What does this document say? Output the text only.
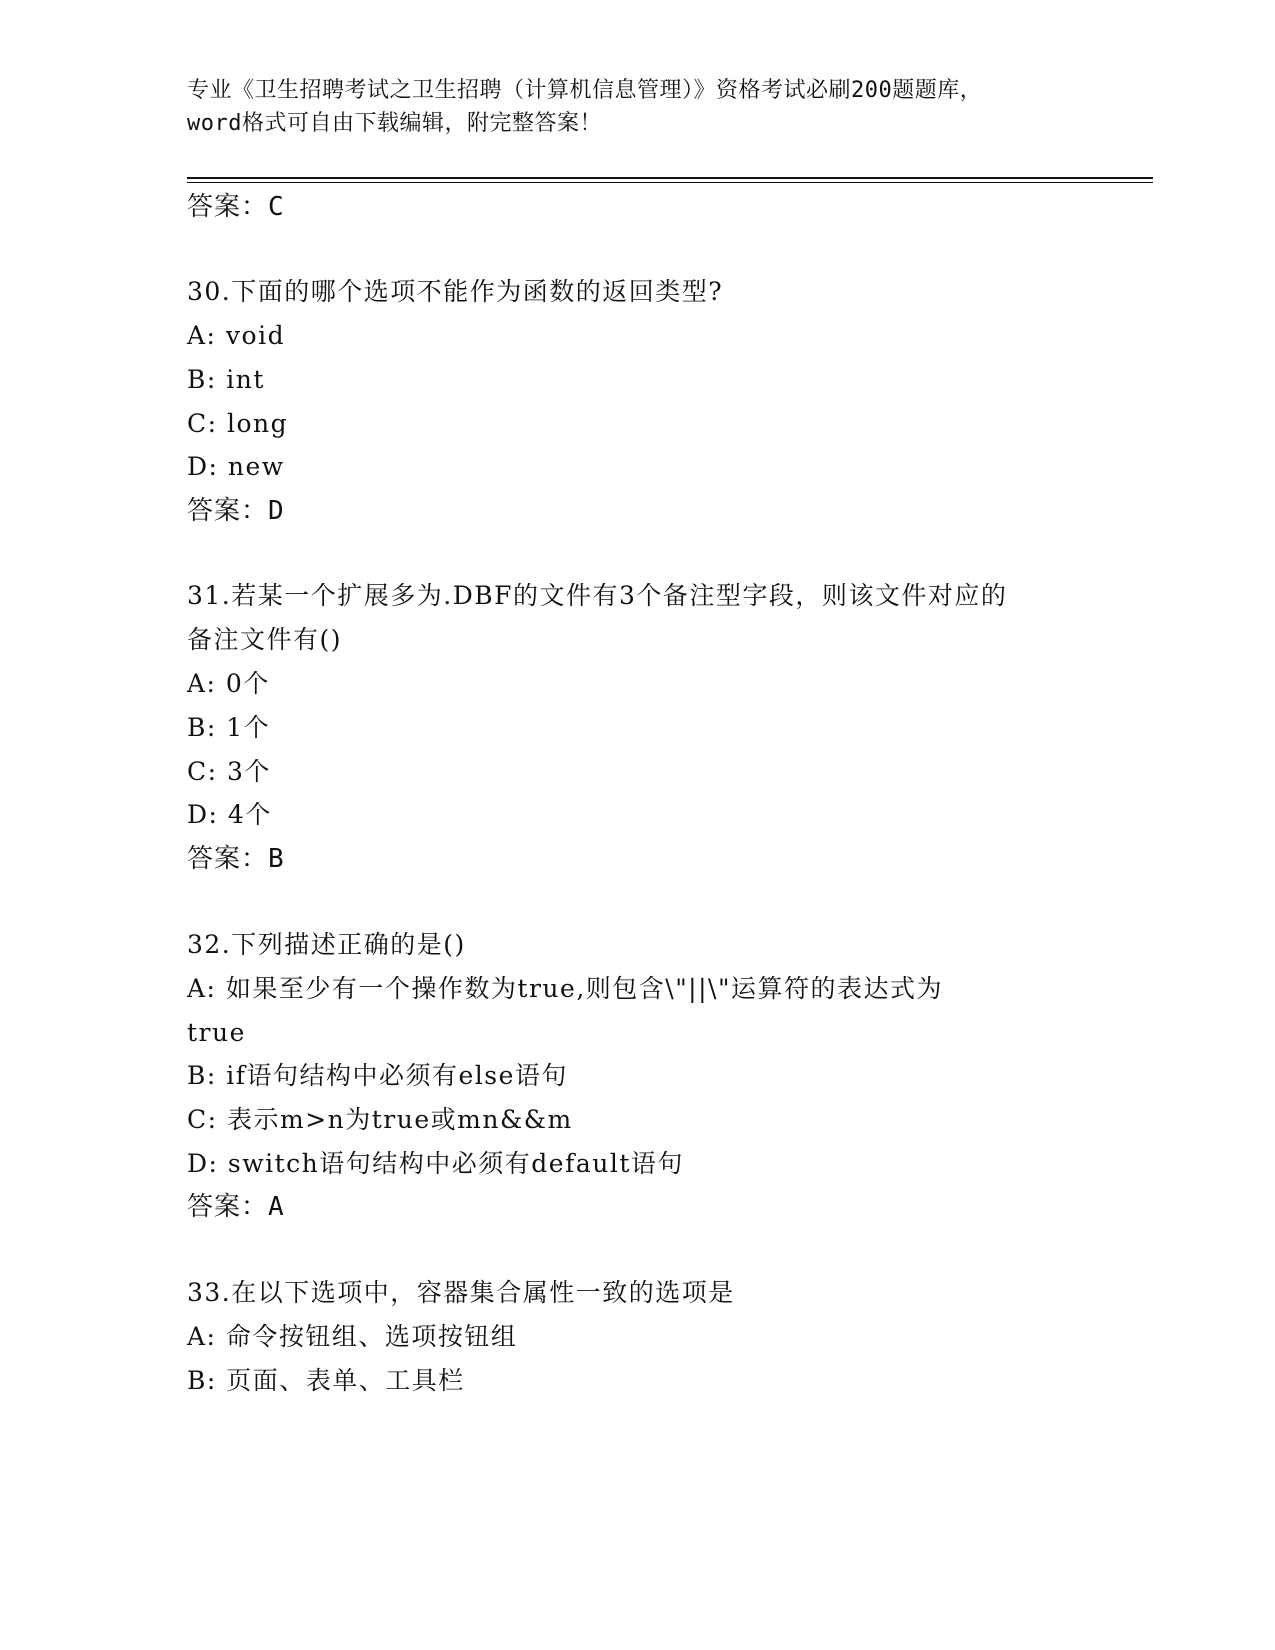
专业《卫生招聘考试之卫生招聘（计算机信息管理）》资格考试必刷200题题库，
word格式可自由下载编辑，附完整答案！
答案：C
30.下面的哪个选项不能作为函数的返回类型?
A: void
B: int
C: long
D: new
答案：D
31.若某一个扩展多为.DBF的文件有3个备注型字段，则该文件对应的
备注文件有()
A: 0个
B: 1个
C: 3个
D: 4个
答案：B
32.下列描述正确的是()
A: 如果至少有一个操作数为true,则包含\"||\"运算符的表达式为
true
B: if语句结构中必须有else语句
C: 表示m>n为true或mn&&m
D: switch语句结构中必须有default语句
答案：A
33.在以下选项中，容器集合属性一致的选项是
A: 命令按钮组、选项按钮组
B: 页面、表单、工具栏
